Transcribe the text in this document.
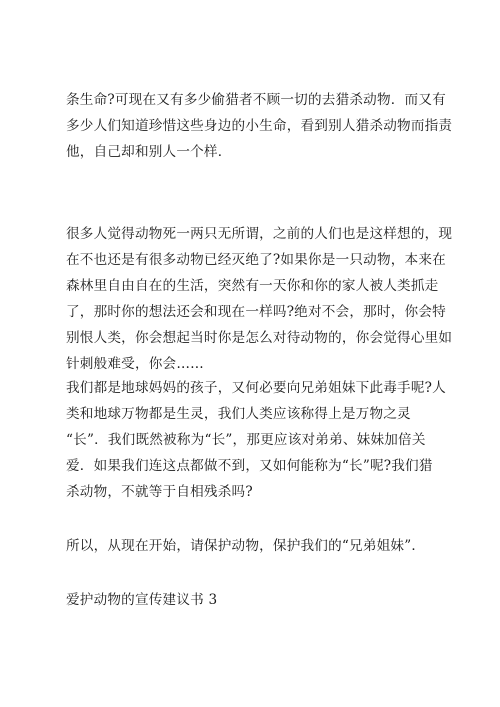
条生命?可现在又有多少偷猎者不顾一切的去猎杀动物．而又有
多少人们知道珍惜这些身边的小生命，看到别人猎杀动物而指责
他，自己却和别人一个样．

很多人觉得动物死一两只无所谓，之前的人们也是这样想的，现
在不也还是有很多动物已经灭绝了?如果你是一只动物，本来在
森林里自由自在的生活，突然有一天你和你的家人被人类抓走
了，那时你的想法还会和现在一样吗?绝对不会，那时，你会特
别恨人类，你会想起当时你是怎么对待动物的，你会觉得心里如
针刺般难受，你会……

我们都是地球妈妈的孩子，又何必要向兄弟姐妹下此毒手呢?人
类和地球万物都是生灵，我们人类应该称得上是万物之灵
“长”．我们既然被称为“长”，那更应该对弟弟、妹妹加倍关
爱．如果我们连这点都做不到，又如何能称为“长”呢?我们猎
杀动物，不就等于自相残杀吗?

所以，从现在开始，请保护动物，保护我们的“兄弟姐妹”．

爱护动物的宣传建议书 3
